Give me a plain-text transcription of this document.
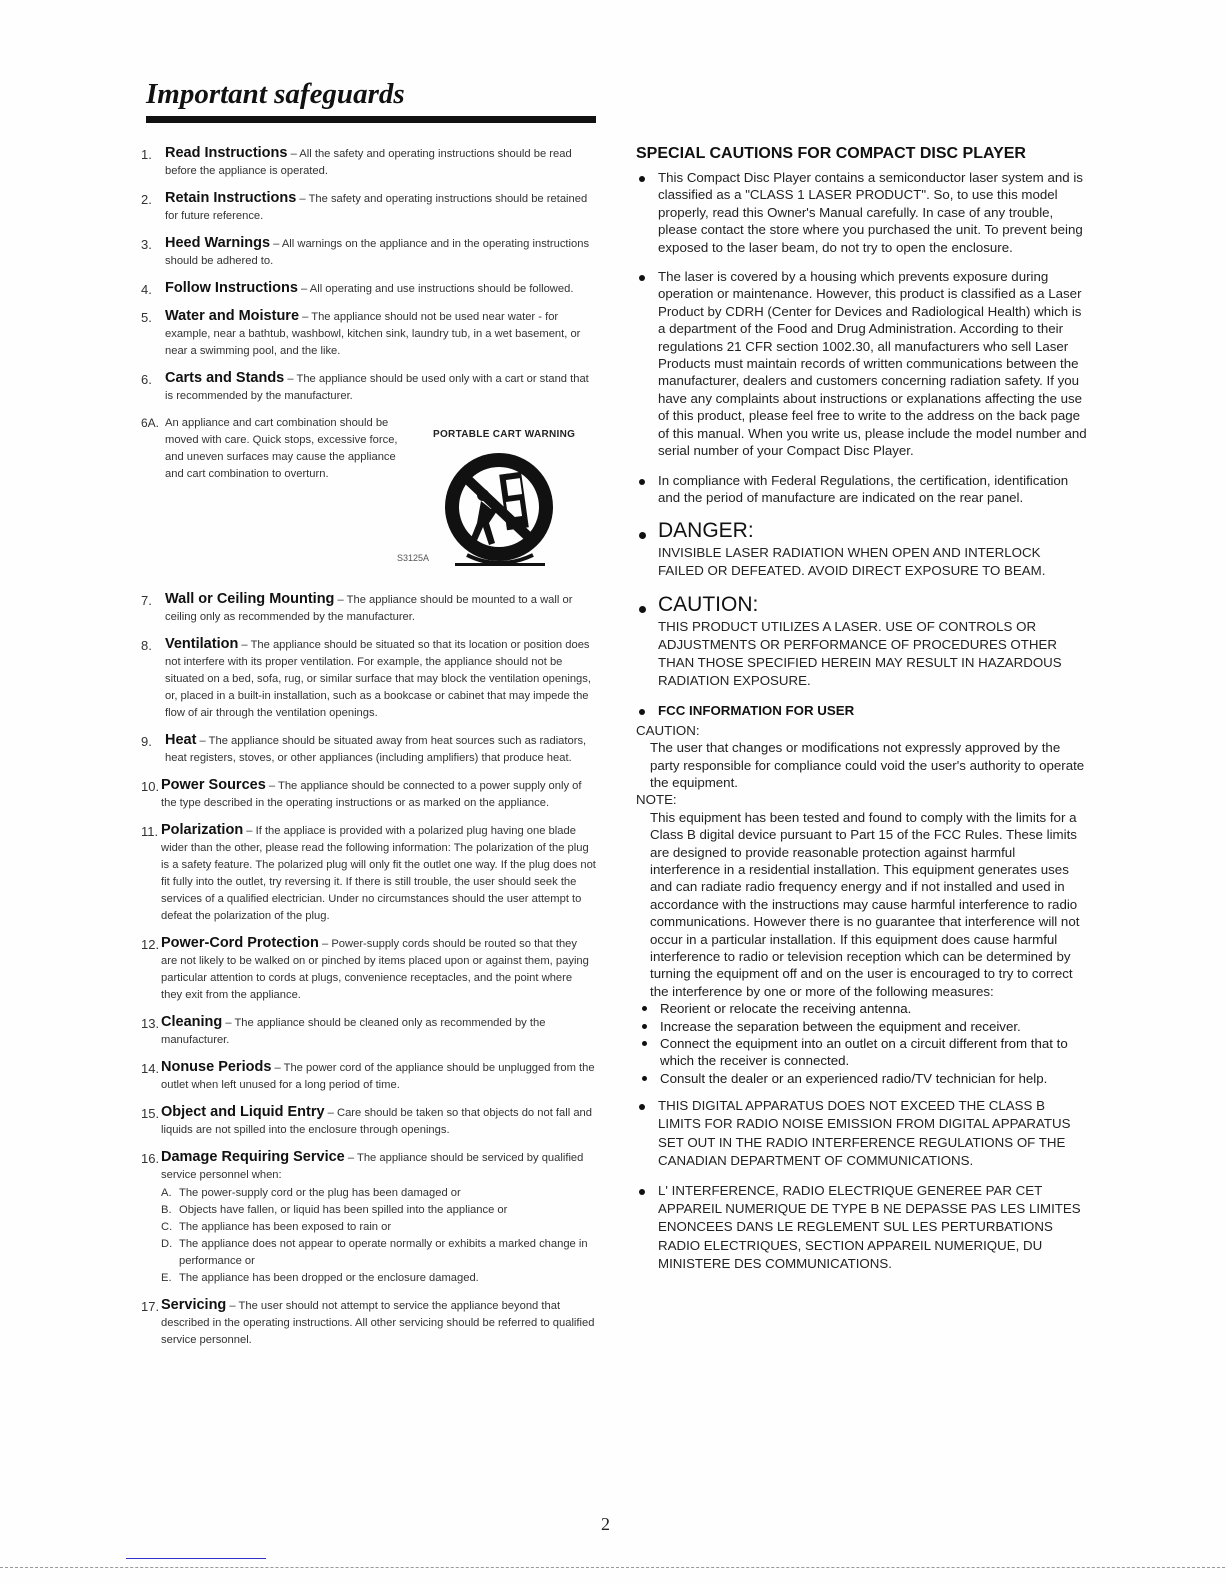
Important safeguards
1. Read Instructions – All the safety and operating instructions should be read before the appliance is operated.
2. Retain Instructions – The safety and operating instructions should be retained for future reference.
3. Heed Warnings – All warnings on the appliance and in the operating instructions should be adhered to.
4. Follow Instructions – All operating and use instructions should be followed.
5. Water and Moisture – The appliance should not be used near water - for example, near a bathtub, washbowl, kitchen sink, laundry tub, in a wet basement, or near a swimming pool, and the like.
6. Carts and Stands – The appliance should be used only with a cart or stand that is recommended by the manufacturer.
6A. An appliance and cart combination should be moved with care. Quick stops, excessive force, and uneven surfaces may cause the appliance and cart combination to overturn.
PORTABLE CART WARNING
S3125A
7. Wall or Ceiling Mounting – The appliance should be mounted to a wall or ceiling only as recommended by the manufacturer.
8. Ventilation – The appliance should be situated so that its location or position does not interfere with its proper ventilation. For example, the appliance should not be situated on a bed, sofa, rug, or similar surface that may block the ventilation openings, or, placed in a built-in installation, such as a bookcase or cabinet that may impede the flow of air through the ventilation openings.
9. Heat – The appliance should be situated away from heat sources such as radiators, heat registers, stoves, or other appliances (including amplifiers) that produce heat.
10. Power Sources – The appliance should be connected to a power supply only of the type described in the operating instructions or as marked on the appliance.
11. Polarization – If the appliace is provided with a polarized plug having one blade wider than the other, please read the following information: The polarization of the plug is a safety feature. The polarized plug will only fit the outlet one way. If the plug does not fit fully into the outlet, try reversing it. If there is still trouble, the user should seek the services of a qualified electrician. Under no circumstances should the user attempt to defeat the polarization of the plug.
12. Power-Cord Protection – Power-supply cords should be routed so that they are not likely to be walked on or pinched by items placed upon or against them, paying particular attention to cords at plugs, convenience receptacles, and the point where they exit from the appliance.
13. Cleaning – The appliance should be cleaned only as recommended by the manufacturer.
14. Nonuse Periods – The power cord of the appliance should be unplugged from the outlet when left unused for a long period of time.
15. Object and Liquid Entry – Care should be taken so that objects do not fall and liquids are not spilled into the enclosure through openings.
16. Damage Requiring Service – The appliance should be serviced by qualified service personnel when:
A. The power-supply cord or the plug has been damaged or
B. Objects have fallen, or liquid has been spilled into the appliance or
C. The appliance has been exposed to rain or
D. The appliance does not appear to operate normally or exhibits a marked change in performance or
E. The appliance has been dropped or the enclosure damaged.
17. Servicing – The user should not attempt to service the appliance beyond that described in the operating instructions. All other servicing should be referred to qualified service personnel.
SPECIAL CAUTIONS FOR COMPACT DISC PLAYER
This Compact Disc Player contains a semiconductor laser system and is classified as a "CLASS 1 LASER PRODUCT". So, to use this model properly, read this Owner's Manual carefully. In case of any trouble, please contact the store where you purchased the unit. To prevent being exposed to the laser beam, do not try to open the enclosure.
The laser is covered by a housing which prevents exposure during operation or maintenance. However, this product is classified as a Laser Product by CDRH (Center for Devices and Radiological Health) which is a department of the Food and Drug Administration. According to their regulations 21 CFR section 1002.30, all manufacturers who sell Laser Products must maintain records of written communications between the manufacturer, dealers and customers concerning radiation safety. If you have any complaints about instructions or explanations affecting the use of this product, please feel free to write to the address on the back page of this manual. When you write us, please include the model number and serial number of your Compact Disc Player.
In compliance with Federal Regulations, the certification, identification and the period of manufacture are indicated on the rear panel.
DANGER:
INVISIBLE LASER RADIATION WHEN OPEN AND INTERLOCK FAILED OR DEFEATED. AVOID DIRECT EXPOSURE TO BEAM.
CAUTION:
THIS PRODUCT UTILIZES A LASER. USE OF CONTROLS OR ADJUSTMENTS OR PERFORMANCE OF PROCEDURES OTHER THAN THOSE SPECIFIED HEREIN MAY RESULT IN HAZARDOUS RADIATION EXPOSURE.
FCC INFORMATION FOR USER
CAUTION:
The user that changes or modifications not expressly approved by the party responsible for compliance could void the user's authority to operate the equipment.
NOTE:
This equipment has been tested and found to comply with the limits for a Class B digital device pursuant to Part 15 of the FCC Rules. These limits are designed to provide reasonable protection against harmful interference in a residential installation. This equipment generates uses and can radiate radio frequency energy and if not installed and used in accordance with the instructions may cause harmful interference to radio communications. However there is no guarantee that interference will not occur in a particular installation. If this equipment does cause harmful interference to radio or television reception which can be determined by turning the equipment off and on the user is encouraged to try to correct the interference by one or more of the following measures:
Reorient or relocate the receiving antenna.
Increase the separation between the equipment and receiver.
Connect the equipment into an outlet on a circuit different from that to which the receiver is connected.
Consult the dealer or an experienced radio/TV technician for help.
THIS DIGITAL APPARATUS DOES NOT EXCEED THE CLASS B LIMITS FOR RADIO NOISE EMISSION FROM DIGITAL APPARATUS SET OUT IN THE RADIO INTERFERENCE REGULATIONS OF THE CANADIAN DEPARTMENT OF COMMUNICATIONS.
L' INTERFERENCE, RADIO ELECTRIQUE GENEREE PAR CET APPAREIL NUMERIQUE DE TYPE B NE DEPASSE PAS LES LIMITES ENONCEES DANS LE REGLEMENT SUL LES PERTURBATIONS RADIO ELECTRIQUES, SECTION APPAREIL NUMERIQUE, DU MINISTERE DES COMMUNICATIONS.
2
